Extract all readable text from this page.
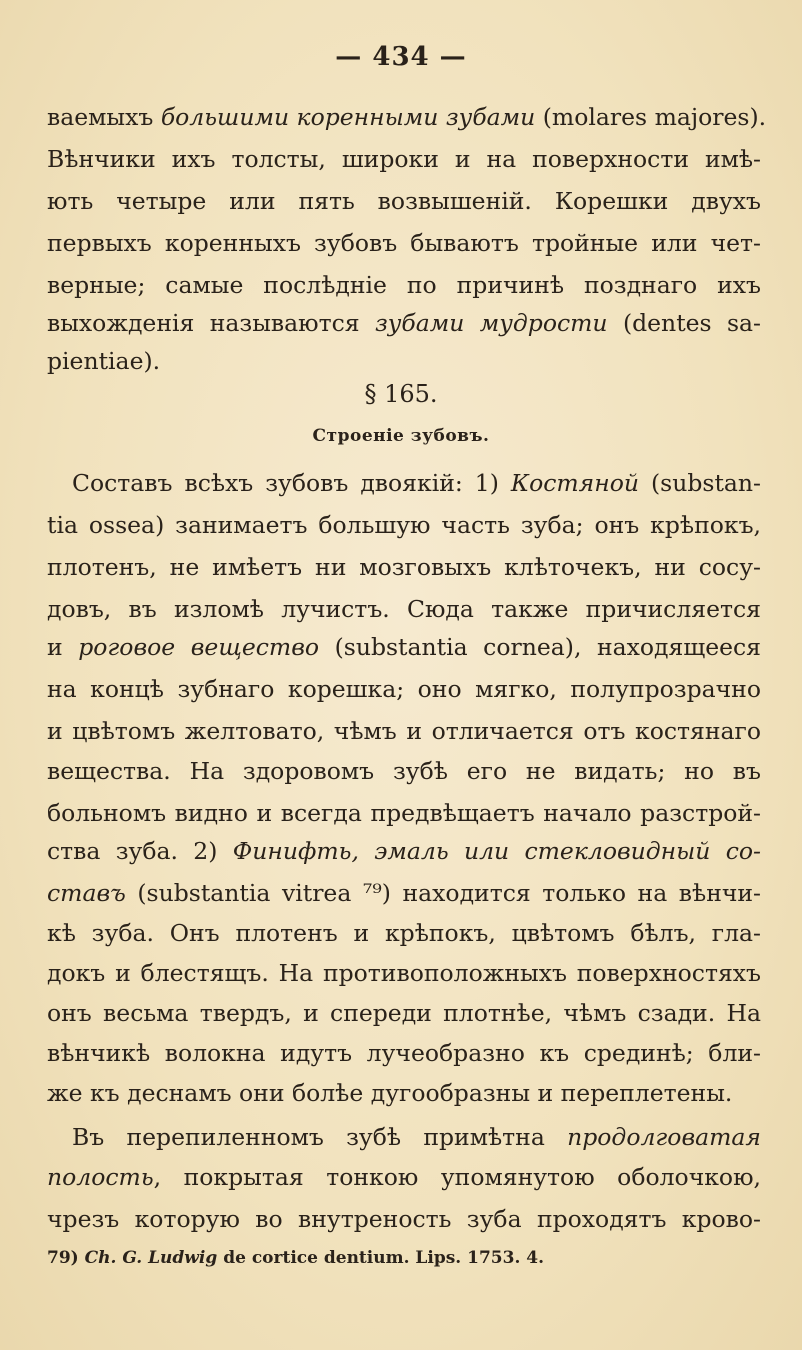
— 434 —
ваемыхъ большими коренными зубами (molares majores).
Вѣнчики ихъ толсты, широки и на поверхности имѣ-
ють четыре или пять возвышеній. Корешки двухъ
первыхъ коренныхъ зубовъ бываютъ тройные или чет-
верные; самые послѣдніе по причинѣ позднаго ихъ
выхожденія называются зубами мудрости (dentes sa-
pientiae).
§ 165.
Строеніе зубовъ.
Составъ всѣхъ зубовъ двоякій: 1) Костяной (substan-
tia ossea) занимаетъ большую часть зуба; онъ крѣпокъ,
плотенъ, не имѣетъ ни мозговыхъ клѣточекъ, ни сосу-
довъ, въ изломѣ лучистъ. Сюда также причисляется
и роговое вещество (substantia cornea), находящееся
на концѣ зубнаго корешка; оно мягко, полупрозрачно
и цвѣтомъ желтовато, чѣмъ и отличается отъ костянаго
вещества. На здоровомъ зубѣ его не видать; но въ
больномъ видно и всегда предвѣщаетъ начало разстрой-
ства зуба. 2) Финифть, эмаль или стекловидный со-
ставъ (substantia vitrea ⁷⁹) находится только на вѣнчи-
кѣ зуба. Онъ плотенъ и крѣпокъ, цвѣтомъ бѣлъ, гла-
докъ и блестящъ. На противоположныхъ поверхностяхъ
онъ весьма твердъ, и спереди плотнѣе, чѣмъ сзади. На
вѣнчикѣ волокна идутъ лучеобразно къ срединѣ; бли-
же къ деснамъ они болѣе дугообразны и переплетены.
Въ перепиленномъ зубѣ примѣтна продолговатая
полость, покрытая тонкою упомянутою оболочкою,
чрезъ которую во внутреность зуба проходятъ крово-
79) Ch. G. Ludwig de cortice dentium. Lips. 1753. 4.
